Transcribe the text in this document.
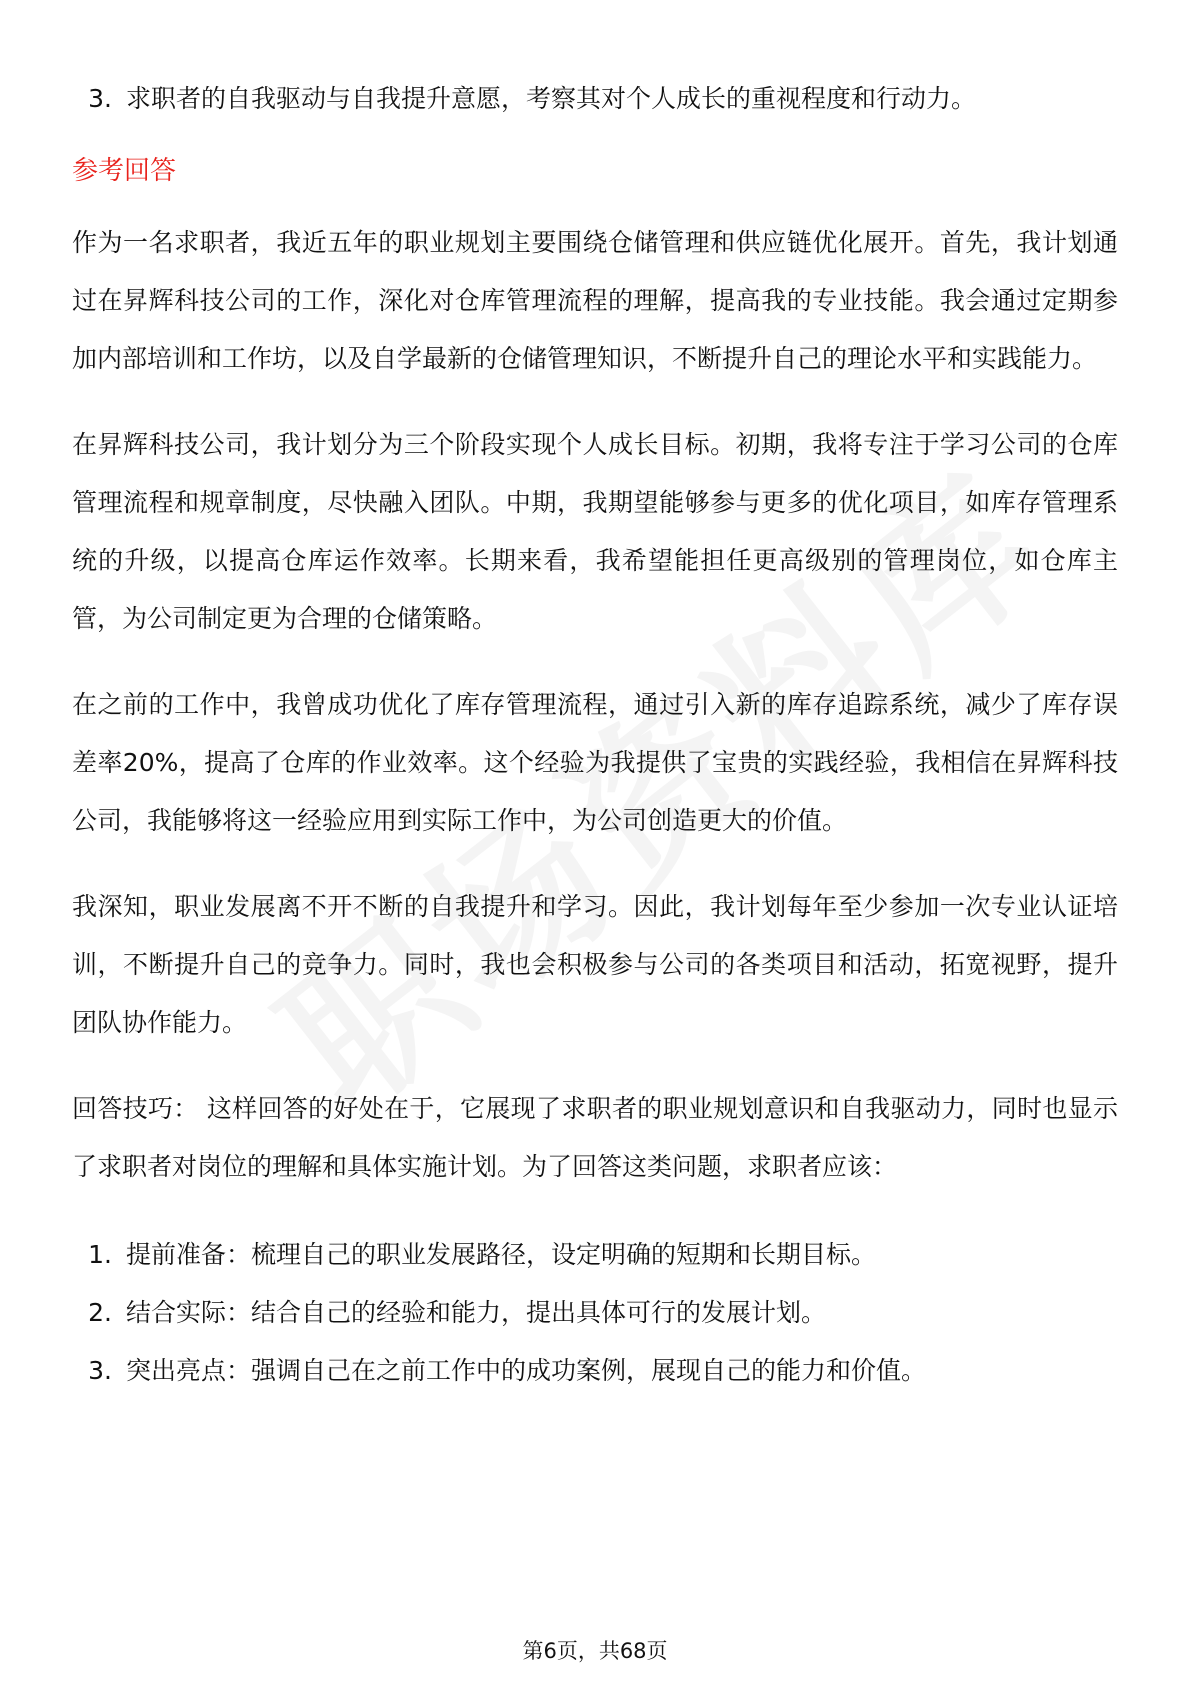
3. 求职者的自我驱动与自我提升意愿，考察其对个人成长的重视程度和行动力。
参考回答

作为一名求职者，我近五年的职业规划主要围绕仓储管理和供应链优化展开。首先，我计划通过在昇辉科技公司的工作，深化对仓库管理流程的理解，提高我的专业技能。我会通过定期参加内部培训和工作坊，以及自学最新的仓储管理知识，不断提升自己的理论水平和实践能力。

在昇辉科技公司，我计划分为三个阶段实现个人成长目标。初期，我将专注于学习公司的仓库管理流程和规章制度，尽快融入团队。中期，我期望能够参与更多的优化项目，如库存管理系统的升级，以提高仓库运作效率。长期来看，我希望能担任更高级别的管理岗位，如仓库主管，为公司制定更为合理的仓储策略。

在之前的工作中，我曾成功优化了库存管理流程，通过引入新的库存追踪系统，减少了库存误差率20%，提高了仓库的作业效率。这个经验为我提供了宝贵的实践经验，我相信在昇辉科技公司，我能够将这一经验应用到实际工作中，为公司创造更大的价值。

我深知，职业发展离不开不断的自我提升和学习。因此，我计划每年至少参加一次专业认证培训，不断提升自己的竞争力。同时，我也会积极参与公司的各类项目和活动，拓宽视野，提升团队协作能力。

回答技巧： 这样回答的好处在于，它展现了求职者的职业规划意识和自我驱动力，同时也显示了求职者对岗位的理解和具体实施计划。为了回答这类问题，求职者应该：

1. 提前准备：梳理自己的职业发展路径，设定明确的短期和长期目标。
2. 结合实际：结合自己的经验和能力，提出具体可行的发展计划。
3. 突出亮点：强调自己在之前工作中的成功案例，展现自己的能力和价值。
第6页，共68页
